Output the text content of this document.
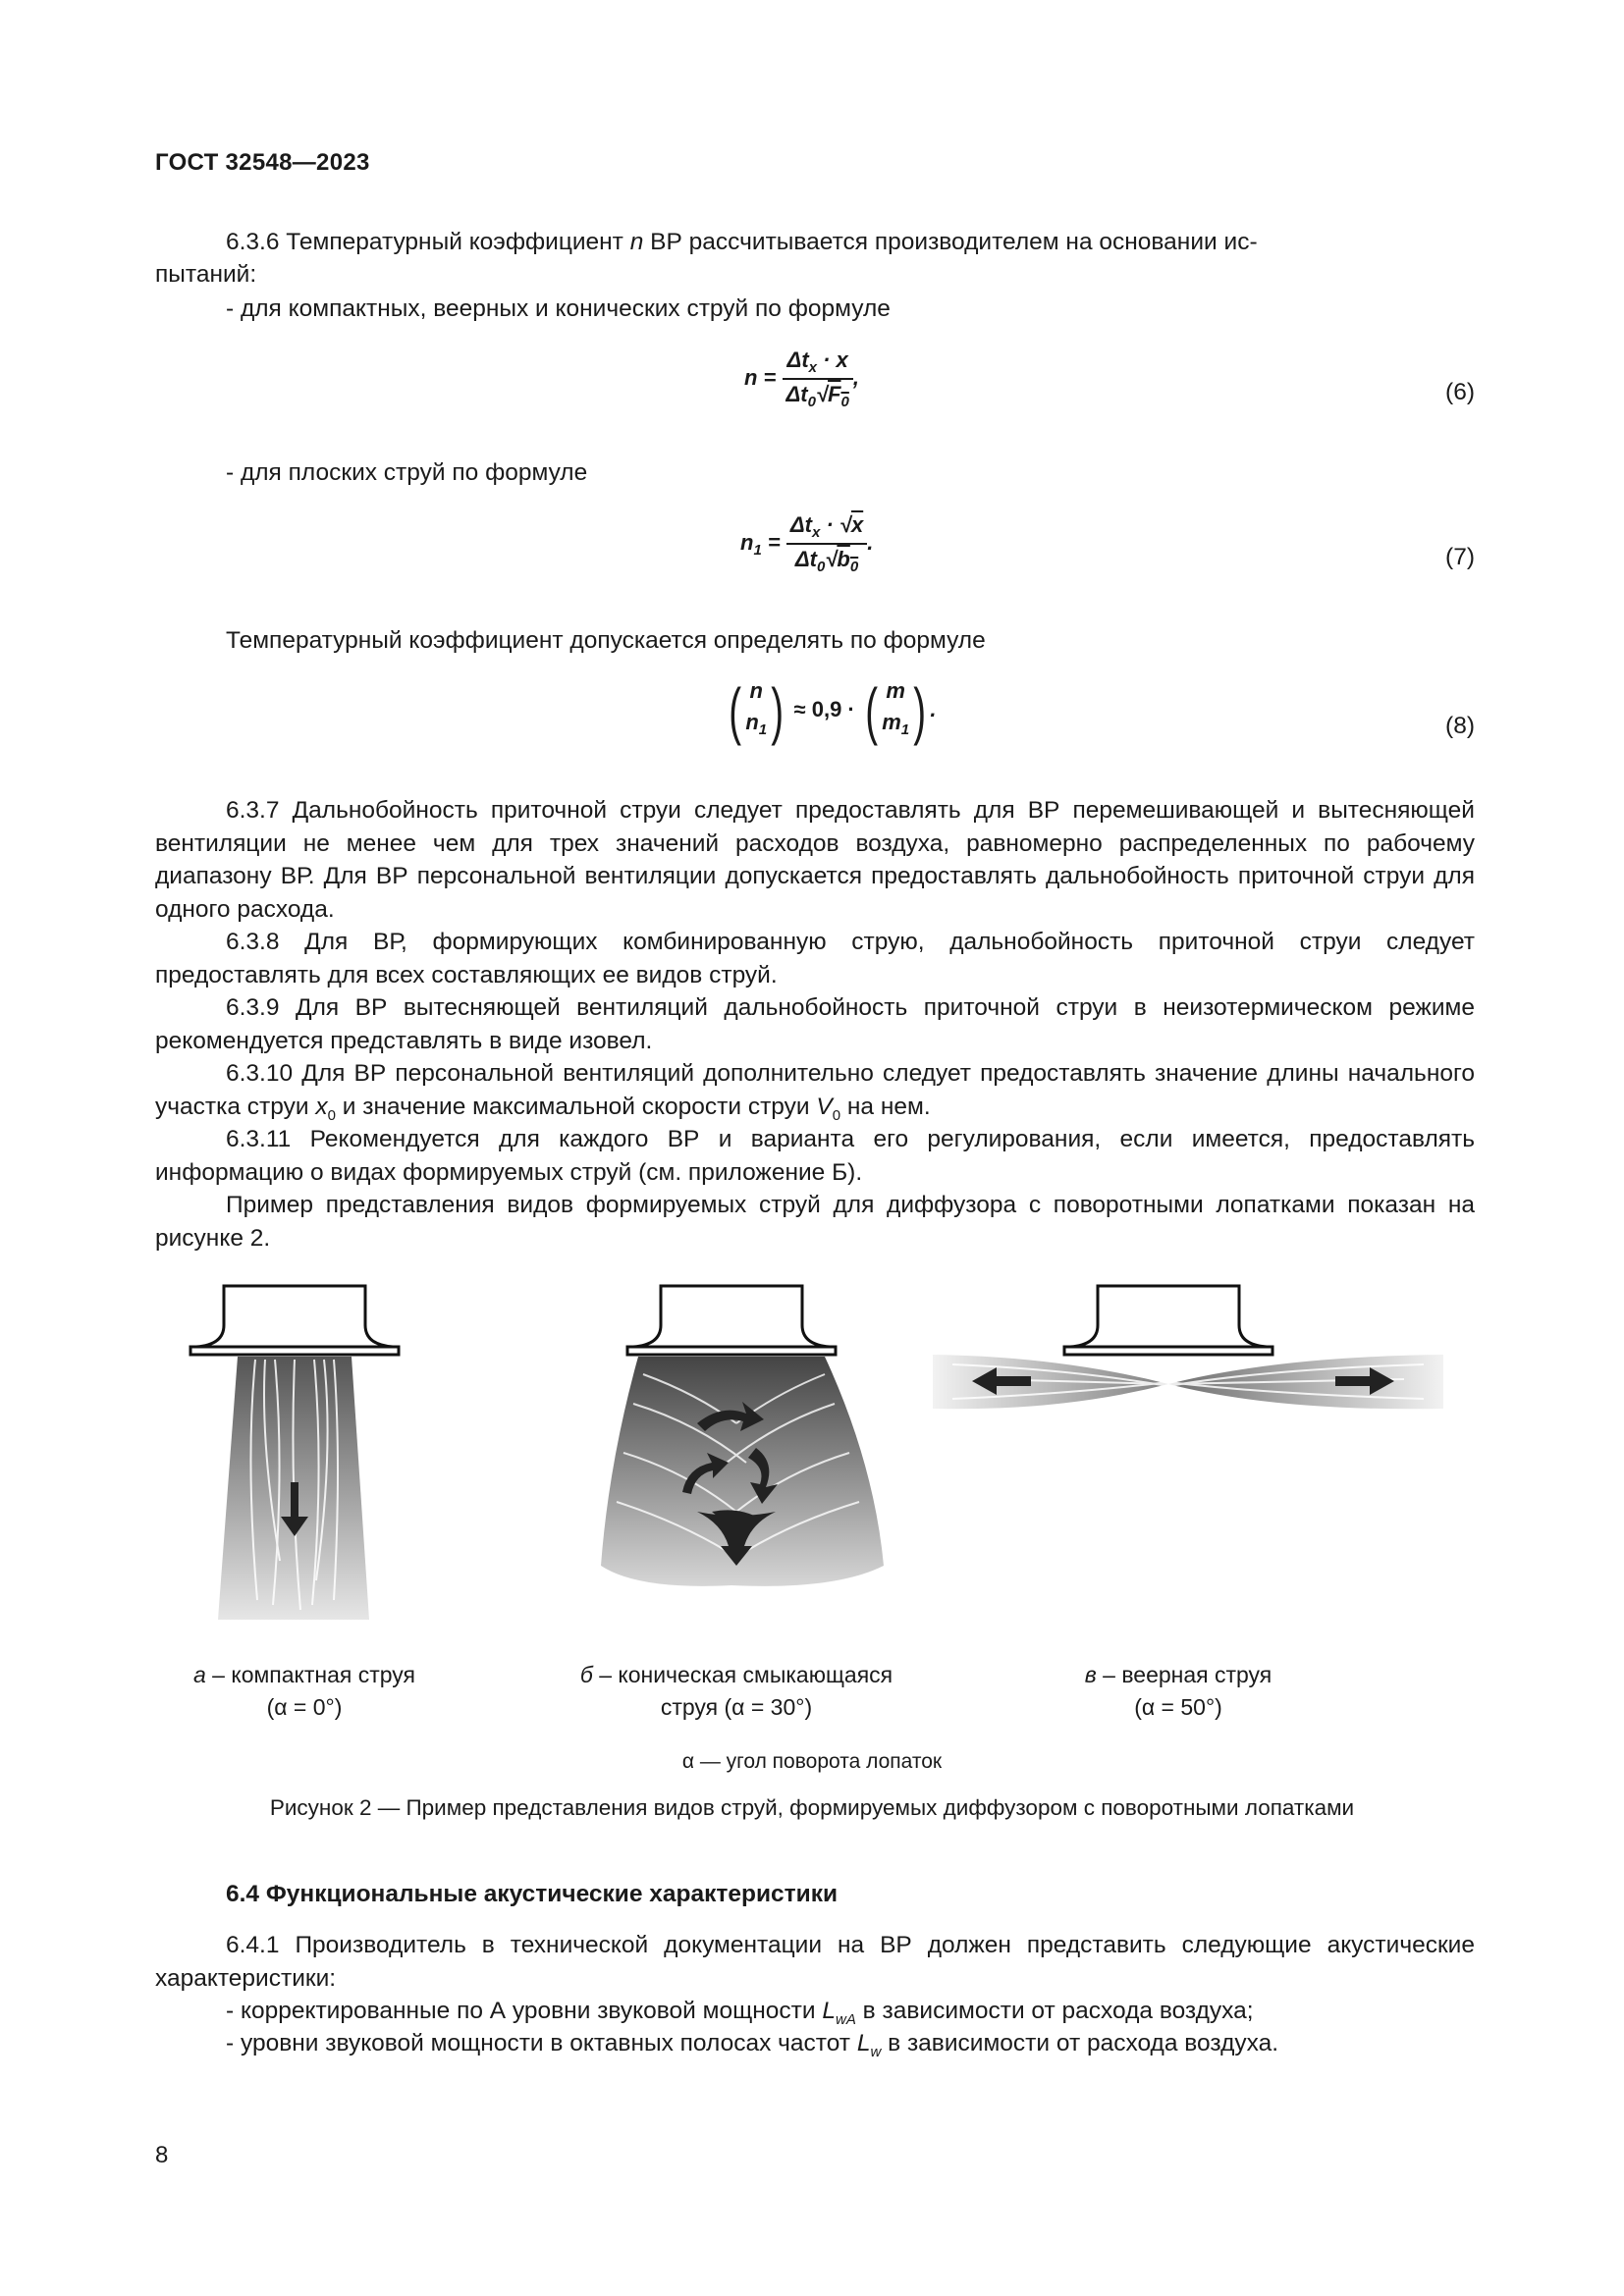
ГОСТ 32548—2023
6.3.6 Температурный коэффициент n ВР рассчитывается производителем на основании ис-
пытаний:
- для компактных, веерных и конических струй по формуле
$n = \frac{\Delta t_x \cdot x}{\Delta t_0√F_0}$ ,
(6)
- для плоских струй по формуле
$n_1 = \frac{\Delta t_x \cdot √x}{\Delta t_0√b_0}$ .
(7)
Температурный коэффициент допускается определять по формуле
( n
$n_1) \approx 0,9$ · ( m
$m_1$) .
(8)
6.3.7 Дальнобойность приточной струи следует предоставлять для ВР перемешивающей и вытесняющей вентиляции не менее чем для трех значений расходов воздуха, равномерно распределенных по рабочему диапазону ВР. Для ВР персональной вентиляции допускается предоставлять дальнобойность приточной струи для одного расхода.
6.3.8 Для ВР, формирующих комбинированную струю, дальнобойность приточной струи следует предоставлять для всех составляющих ее видов струй.
6.3.9 Для ВР вытесняющей вентиляций дальнобойность приточной струи в неизотермическом режиме рекомендуется представлять в виде изовел.
6.3.10 Для ВР персональной вентиляций дополнительно следует предоставлять значение длины начального участка струи $x_0$ и значение максимальной скорости струи $V_0$ на нем.
6.3.11 Рекомендуется для каждого ВР и варианта его регулирования, если имеется, предоставлять информацию о видах формируемых струй (см. приложение Б).
Пример представления видов формируемых струй для диффузора с поворотными лопатками показан на рисунке 2.
а – компактная струя
(α = 0°)
б – коническая смыкающаяся
струя (α = 30°)
в – веерная струя
(α = 50°)
α — угол поворота лопаток
Рисунок 2 — Пример представления видов струй, формируемых диффузором с поворотными лопатками
6.4 Функциональные акустические характеристики
6.4.1 Производитель в технической документации на ВР должен представить следующие акустические характеристики:
- корректированные по А уровни звуковой мощности $L_{wA}$ в зависимости от расхода воздуха;
- уровни звуковой мощности в октавных полосах частот $L_w$ в зависимости от расхода воздуха.
8
